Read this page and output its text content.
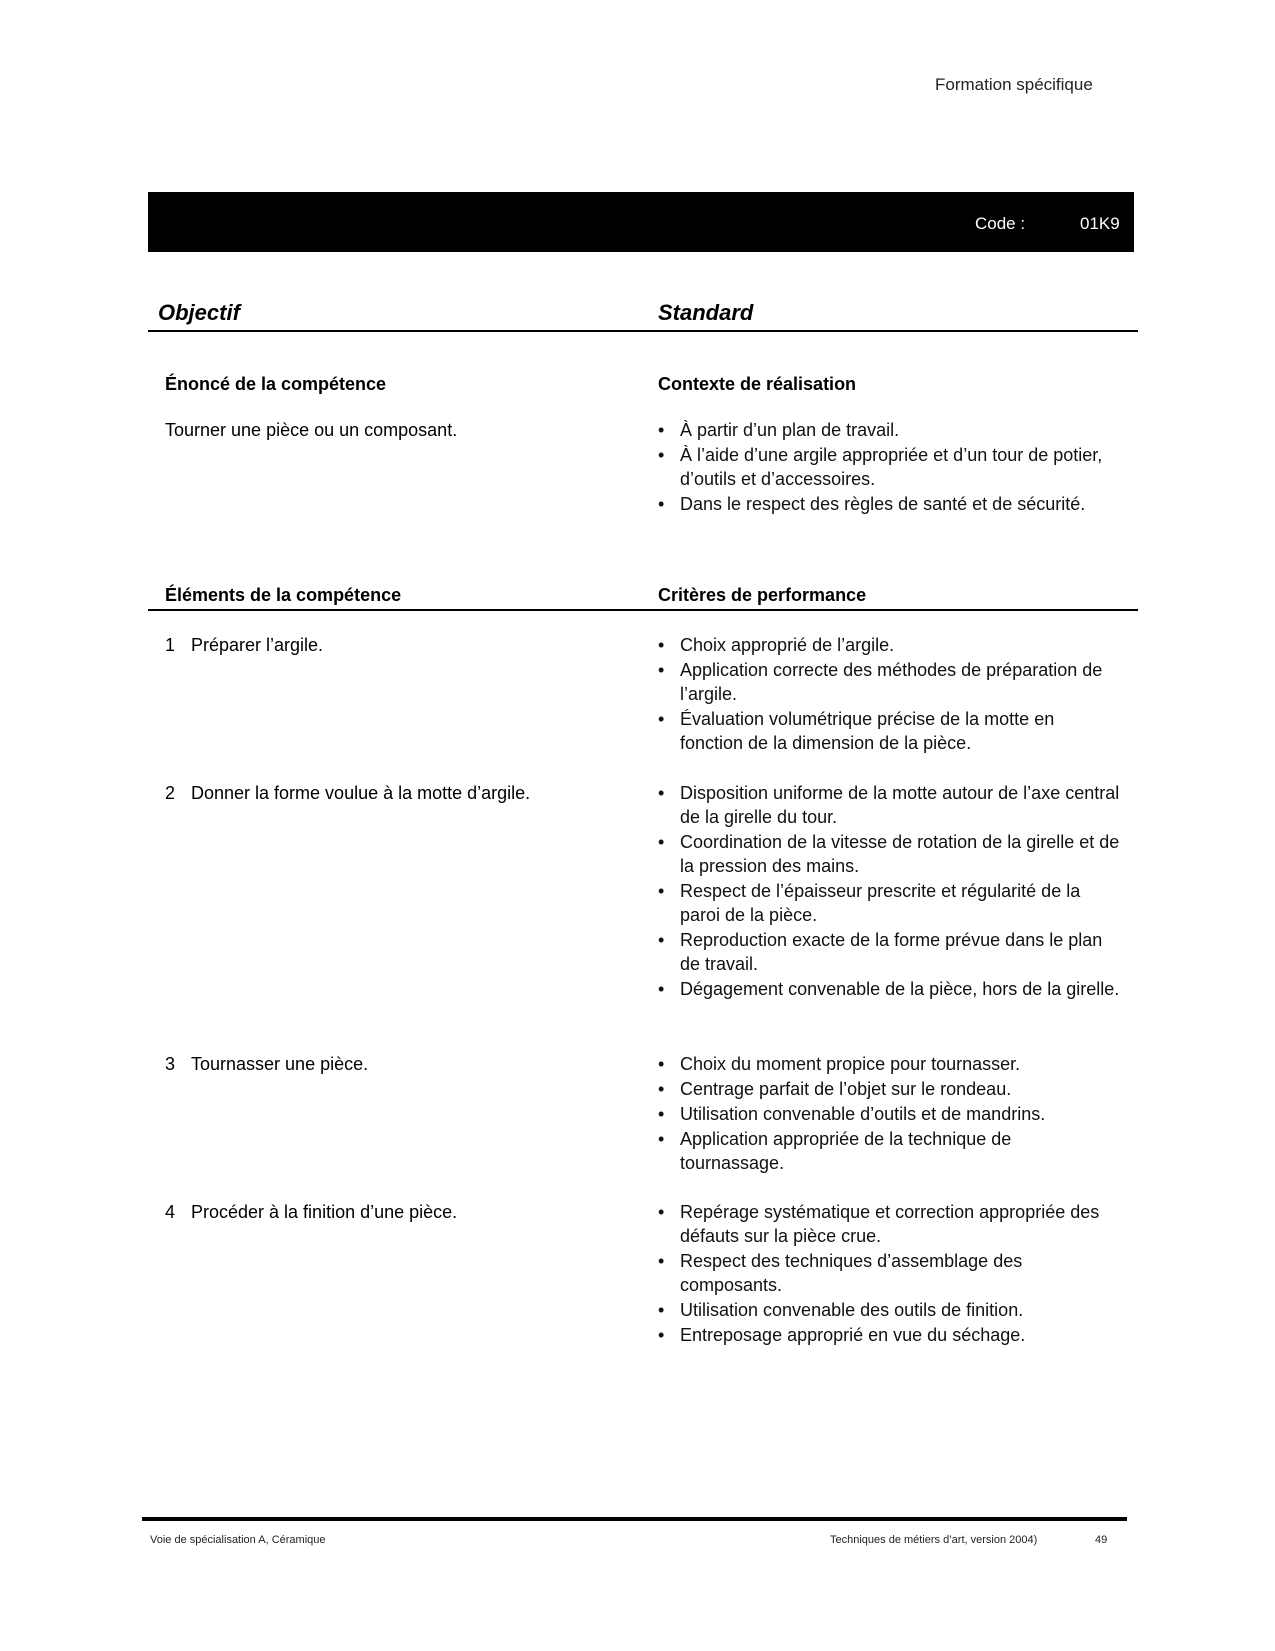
Formation spécifique
Code :	01K9
Objectif	Standard
Énoncé de la compétence	Contexte de réalisation
Tourner une pièce ou un composant.	• À partir d’un plan de travail.
• À l’aide d’une argile appropriée et d’un tour de potier, d’outils et d’accessoires.
• Dans le respect des règles de santé et de sécurité.
Éléments de la compétence	Critères de performance
1 Préparer l’argile.	• Choix approprié de l’argile.
• Application correcte des méthodes de préparation de l’argile.
• Évaluation volumétrique précise de la motte en fonction de la dimension de la pièce.
2 Donner la forme voulue à la motte d’argile.	• Disposition uniforme de la motte autour de l’axe central de la girelle du tour.
• Coordination de la vitesse de rotation de la girelle et de la pression des mains.
• Respect de l’épaisseur prescrite et régularité de la paroi de la pièce.
• Reproduction exacte de la forme prévue dans le plan de travail.
• Dégagement convenable de la pièce, hors de la girelle.
3 Tournasser une pièce.	• Choix du moment propice pour tournasser.
• Centrage parfait de l’objet sur le rondeau.
• Utilisation convenable d’outils et de mandrins.
• Application appropriée de la technique de tournassage.
4 Procéder à la finition d’une pièce.	• Repérage systématique et correction appropriée des défauts sur la pièce crue.
• Respect des techniques d’assemblage des composants.
• Utilisation convenable des outils de finition.
• Entreposage approprié en vue du séchage.
Voie de spécialisation A, Céramique	Techniques de métiers d’art, version 2004)	49
